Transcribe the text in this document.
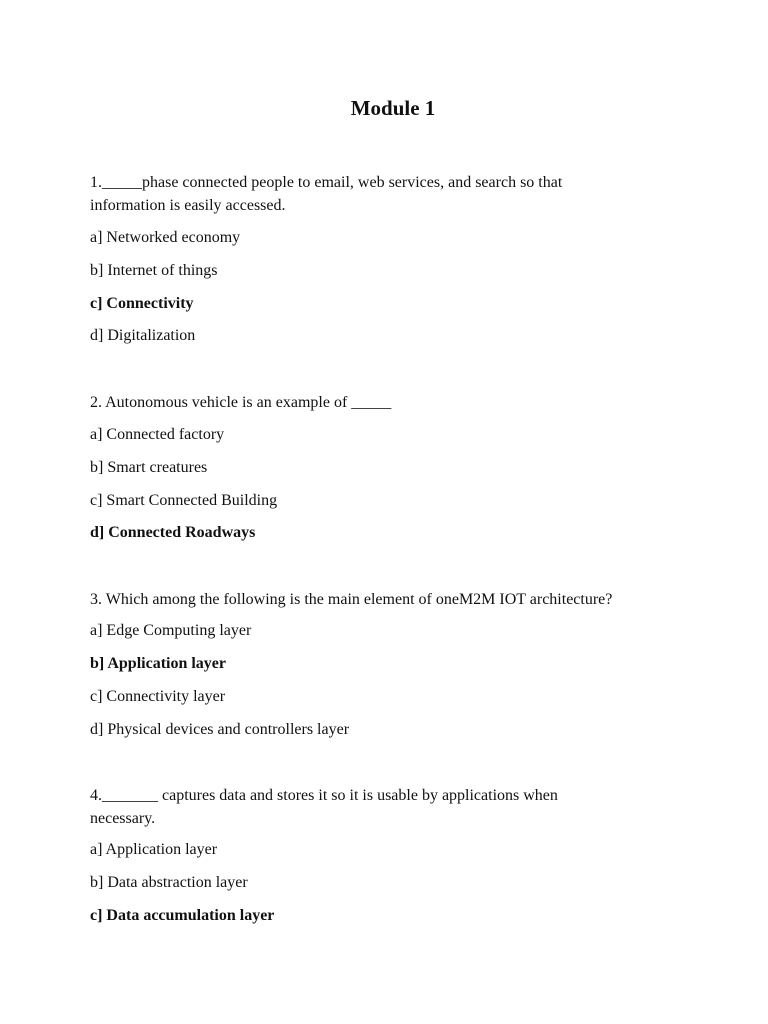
Module 1

1._____phase connected people to email, web services, and search so that

information is easily accessed.

a] Networked economy

b] Internet of things

c] Connectivity

d] Digitalization

2. Autonomous vehicle is an example of _____

a] Connected factory

b] Smart creatures

c] Smart Connected Building

d] Connected Roadways

3. Which among the following is the main element of oneM2M IOT architecture?

a] Edge Computing layer

b] Application layer

c] Connectivity layer

d] Physical devices and controllers layer

4._______ captures data and stores it so it is usable by applications when

necessary.

a] Application layer

b] Data abstraction layer

c] Data accumulation layer
